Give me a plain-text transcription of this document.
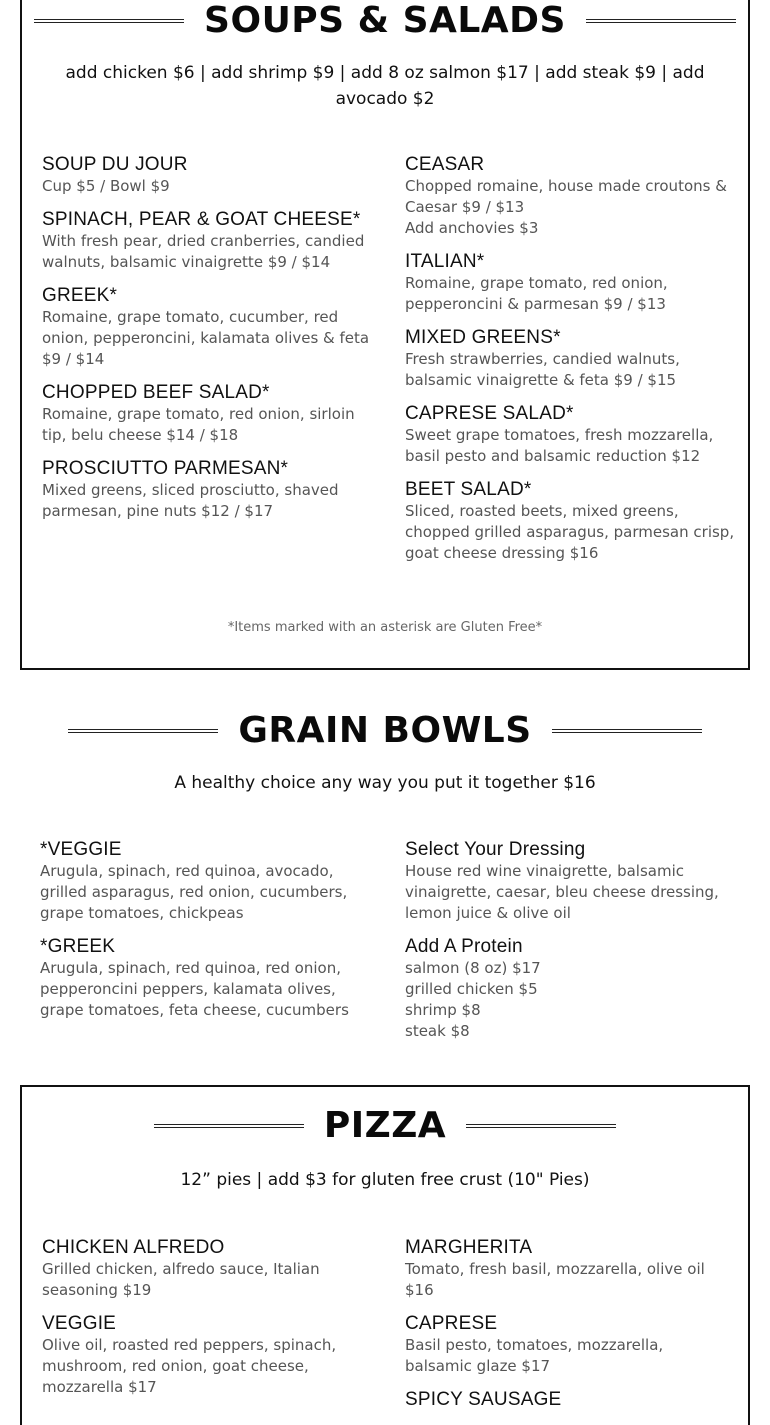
SOUPS & SALADS
add chicken $6 | add shrimp $9 | add 8 oz salmon $17 | add steak $9 | add avocado $2
SOUP DU JOUR
Cup $5 / Bowl $9
SPINACH, PEAR & GOAT CHEESE*
With fresh pear, dried cranberries, candied walnuts, balsamic vinaigrette $9 / $14
GREEK*
Romaine, grape tomato, cucumber, red onion, pepperoncini, kalamata olives & feta $9 / $14
CHOPPED BEEF SALAD*
Romaine, grape tomato, red onion, sirloin tip, belu cheese $14 / $18
PROSCIUTTO PARMESAN*
Mixed greens, sliced prosciutto, shaved parmesan, pine nuts $12 / $17
CEASAR
Chopped romaine, house made croutons & Caesar $9 / $13
Add anchovies $3
ITALIAN*
Romaine, grape tomato, red onion, pepperoncini & parmesan $9 / $13
MIXED GREENS*
Fresh strawberries, candied walnuts, balsamic vinaigrette & feta $9 / $15
CAPRESE SALAD*
Sweet grape tomatoes, fresh mozzarella, basil pesto and balsamic reduction $12
BEET SALAD*
Sliced, roasted beets, mixed greens, chopped grilled asparagus, parmesan crisp, goat cheese dressing $16
*Items marked with an asterisk are Gluten Free*
GRAIN BOWLS
A healthy choice any way you put it together $16
*VEGGIE
Arugula, spinach, red quinoa, avocado, grilled asparagus, red onion, cucumbers, grape tomatoes, chickpeas
*GREEK
Arugula, spinach, red quinoa, red onion, pepperoncini peppers, kalamata olives, grape tomatoes, feta cheese, cucumbers
Select Your Dressing
House red wine vinaigrette, balsamic vinaigrette, caesar, bleu cheese dressing, lemon juice & olive oil
Add A Protein
salmon (8 oz) $17
grilled chicken $5
shrimp $8
steak $8
PIZZA
12” pies | add $3 for gluten free crust (10" Pies)
CHICKEN ALFREDO
Grilled chicken, alfredo sauce, Italian seasoning $19
VEGGIE
Olive oil, roasted red peppers, spinach, mushroom, red onion, goat cheese, mozzarella $17
MARGHERITA
Tomato, fresh basil, mozzarella, olive oil $16
CAPRESE
Basil pesto, tomatoes, mozzarella, balsamic glaze $17
SPICY SAUSAGE
